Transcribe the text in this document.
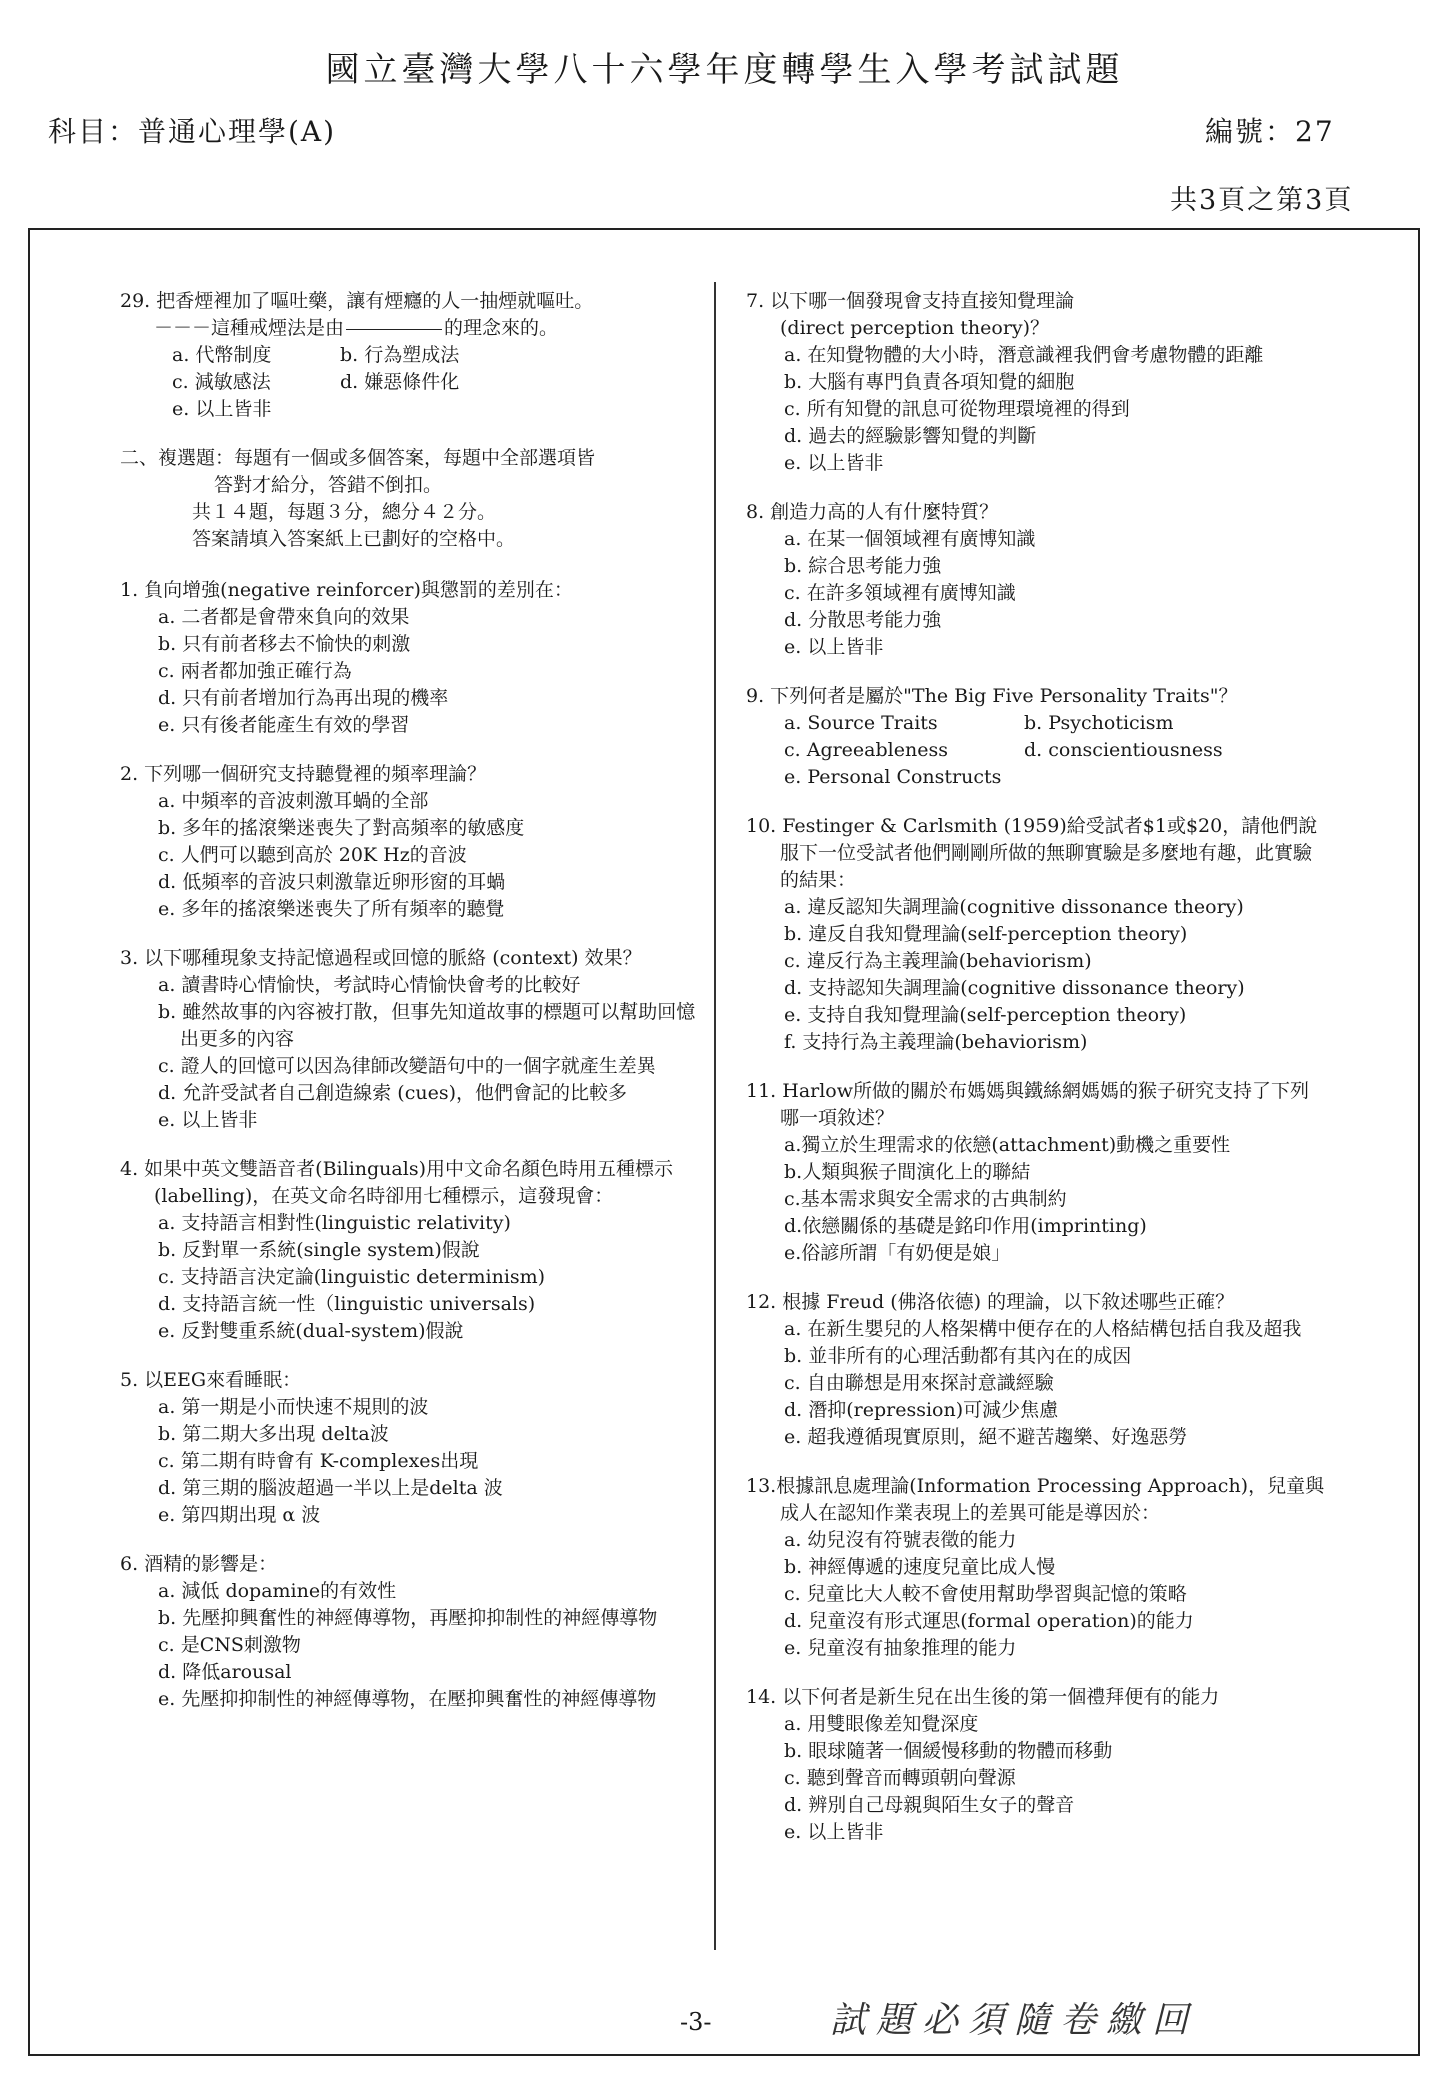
國立臺灣大學八十六學年度轉學生入學考試試題
科目：普通心理學(A)	編號：27
共3頁之第3頁
29. 把香煙裡加了嘔吐藥，讓有煙癮的人一抽煙就嘔吐。
－－－這種戒煙法是由	的理念來的。
a. 代幣制度	b. 行為塑成法
c. 減敏感法	d. 嫌惡條件化
e. 以上皆非
二、複選題：每題有一個或多個答案，每題中全部選項皆
答對才給分，答錯不倒扣。
共１４題，每題３分，總分４２分。
答案請填入答案紙上已劃好的空格中。
1. 負向增強(negative reinforcer)與懲罰的差別在：
a. 二者都是會帶來負向的效果
b. 只有前者移去不愉快的刺激
c. 兩者都加強正確行為
d. 只有前者增加行為再出現的機率
e. 只有後者能產生有效的學習
2. 下列哪一個研究支持聽覺裡的頻率理論？
a. 中頻率的音波刺激耳蝸的全部
b. 多年的搖滾樂迷喪失了對高頻率的敏感度
c. 人們可以聽到高於 20K Hz的音波
d. 低頻率的音波只刺激靠近卵形窗的耳蝸
e. 多年的搖滾樂迷喪失了所有頻率的聽覺
3. 以下哪種現象支持記憶過程或回憶的脈絡 (context) 效果？
a. 讀書時心情愉快，考試時心情愉快會考的比較好
b. 雖然故事的內容被打散，但事先知道故事的標題可以幫助回憶出更多的內容
c. 證人的回憶可以因為律師改變語句中的一個字就產生差異
d. 允許受試者自己創造線索 (cues)，他們會記的比較多
e. 以上皆非
4. 如果中英文雙語音者(Bilinguals)用中文命名顏色時用五種標示 (labelling)，在英文命名時卻用七種標示，這發現會：
a. 支持語言相對性(linguistic relativity)
b. 反對單一系統(single system)假說
c. 支持語言決定論(linguistic determinism)
d. 支持語言統一性（linguistic universals)
e. 反對雙重系統(dual-system)假說
5. 以EEG來看睡眠：
a. 第一期是小而快速不規則的波
b. 第二期大多出現 delta波
c. 第二期有時會有 K-complexes出現
d. 第三期的腦波超過一半以上是delta 波
e. 第四期出現 α 波
6. 酒精的影響是：
a. 減低 dopamine的有效性
b. 先壓抑興奮性的神經傳導物，再壓抑抑制性的神經傳導物
c. 是CNS刺激物
d. 降低arousal
e. 先壓抑抑制性的神經傳導物，在壓抑興奮性的神經傳導物
7. 以下哪一個發現會支持直接知覺理論
(direct perception theory)？
a. 在知覺物體的大小時，潛意識裡我們會考慮物體的距離
b. 大腦有專門負責各項知覺的細胞
c. 所有知覺的訊息可從物理環境裡的得到
d. 過去的經驗影響知覺的判斷
e. 以上皆非
8. 創造力高的人有什麼特質？
a. 在某一個領域裡有廣博知識
b. 綜合思考能力強
c. 在許多領域裡有廣博知識
d. 分散思考能力強
e. 以上皆非
9. 下列何者是屬於"The Big Five Personality Traits"？
a. Source Traits	b. Psychoticism
c. Agreeableness	d. conscientiousness
e. Personal Constructs
10. Festinger & Carlsmith (1959)給受試者$1或$20，請他們說服下一位受試者他們剛剛所做的無聊實驗是多麼地有趣，此實驗的結果：
a. 違反認知失調理論(cognitive dissonance theory)
b. 違反自我知覺理論(self-perception theory)
c. 違反行為主義理論(behaviorism)
d. 支持認知失調理論(cognitive dissonance theory)
e. 支持自我知覺理論(self-perception theory)
f. 支持行為主義理論(behaviorism)
11. Harlow所做的關於布媽媽與鐵絲網媽媽的猴子研究支持了下列哪一項敘述？
a.獨立於生理需求的依戀(attachment)動機之重要性
b.人類與猴子間演化上的聯結
c.基本需求與安全需求的古典制約
d.依戀關係的基礎是銘印作用(imprinting)
e.俗諺所謂「有奶便是娘」
12. 根據 Freud (佛洛依德) 的理論，以下敘述哪些正確？
a. 在新生嬰兒的人格架構中便存在的人格結構包括自我及超我
b. 並非所有的心理活動都有其內在的成因
c. 自由聯想是用來探討意識經驗
d. 潛抑(repression)可減少焦慮
e. 超我遵循現實原則，絕不避苦趨樂、好逸惡勞
13.根據訊息處理論(Information Processing Approach)，兒童與成人在認知作業表現上的差異可能是導因於：
a. 幼兒沒有符號表徵的能力
b. 神經傳遞的速度兒童比成人慢
c. 兒童比大人較不會使用幫助學習與記憶的策略
d. 兒童沒有形式運思(formal operation)的能力
e. 兒童沒有抽象推理的能力
14. 以下何者是新生兒在出生後的第一個禮拜便有的能力
a. 用雙眼像差知覺深度
b. 眼球隨著一個緩慢移動的物體而移動
c. 聽到聲音而轉頭朝向聲源
d. 辨別自己母親與陌生女子的聲音
e. 以上皆非
-3-	試題必須隨卷繳回
